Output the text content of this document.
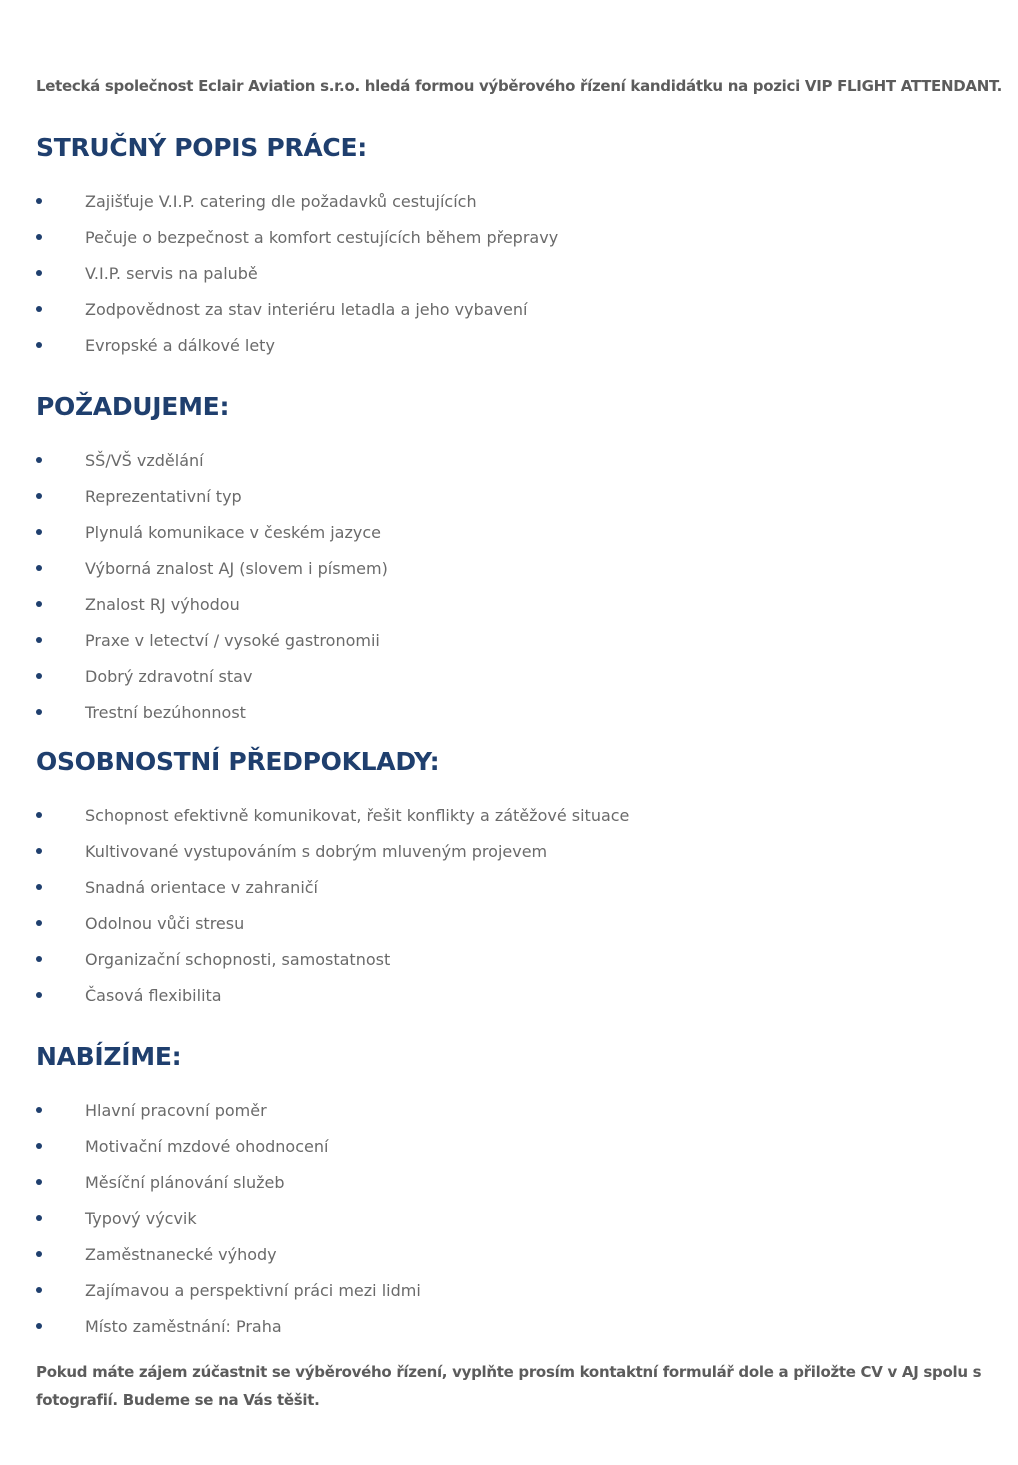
Letecká společnost Eclair Aviation s.r.o. hledá formou výběrového řízení kandidátku na pozici VIP FLIGHT ATTENDANT.
STRUČNÝ POPIS PRÁCE:
Zajišťuje V.I.P. catering dle požadavků cestujících
Pečuje o bezpečnost a komfort cestujících během přepravy
V.I.P. servis na palubě
Zodpovědnost za stav interiéru letadla a jeho vybavení
Evropské a dálkové lety
POŽADUJEME:
SŠ/VŠ vzdělání
Reprezentativní typ
Plynulá komunikace v českém jazyce
Výborná znalost AJ (slovem i písmem)
Znalost RJ výhodou
Praxe v letectví / vysoké gastronomii
Dobrý zdravotní stav
Trestní bezúhonnost
OSOBNOSTNÍ PŘEDPOKLADY:
Schopnost efektivně komunikovat, řešit konflikty a zátěžové situace
Kultivované vystupováním s dobrým mluveným projevem
Snadná orientace v zahraničí
Odolnou vůči stresu
Organizační schopnosti, samostatnost
Časová flexibilita
NABÍZÍME:
Hlavní pracovní poměr
Motivační mzdové ohodnocení
Měsíční plánování služeb
Typový výcvik
Zaměstnanecké výhody
Zajímavou a perspektivní práci mezi lidmi
Místo zaměstnání: Praha
Pokud máte zájem zúčastnit se výběrového řízení, vyplňte prosím kontaktní formulář dole a přiložte CV v AJ spolu s fotografií. Budeme se na Vás těšit.
